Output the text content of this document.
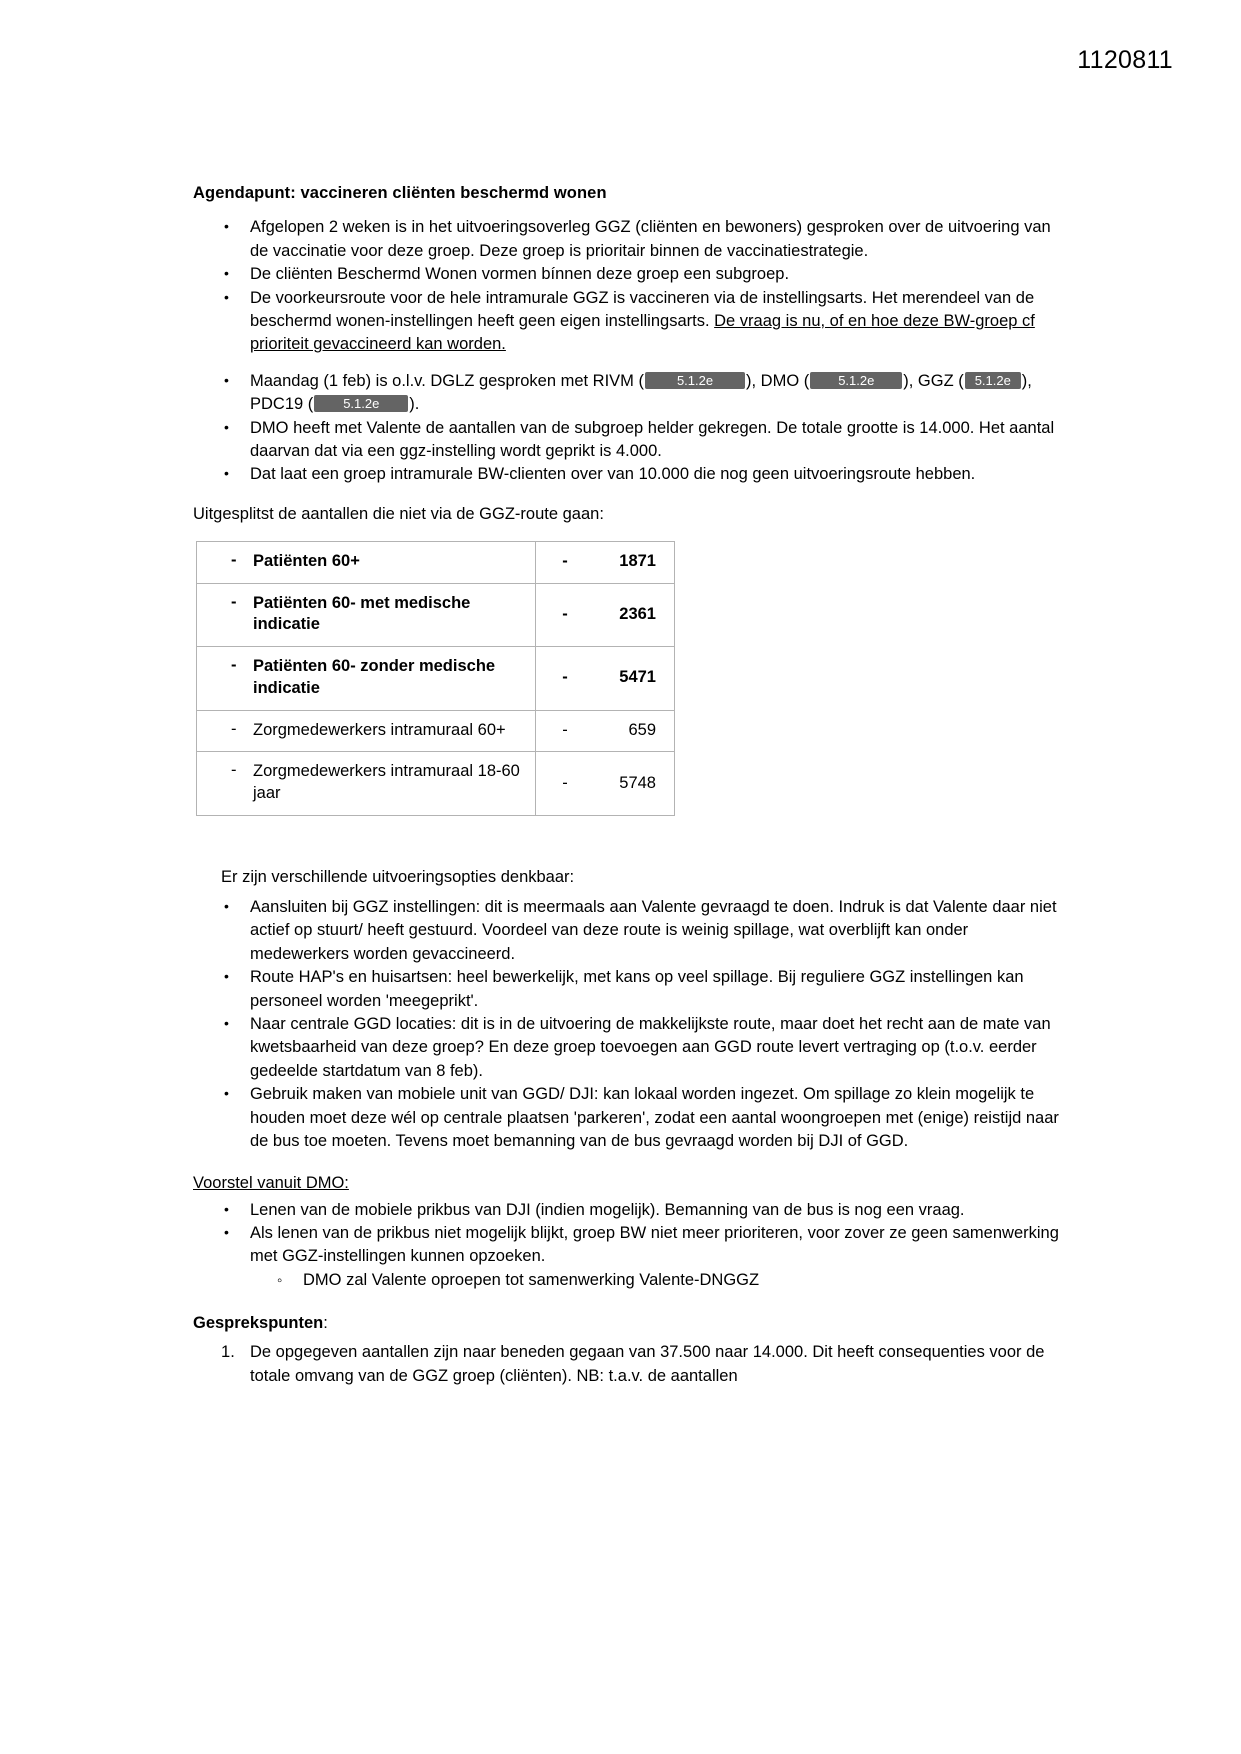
1120811
Agendapunt: vaccineren cliënten beschermd wonen
• Afgelopen 2 weken is in het uitvoeringsoverleg GGZ (cliënten en bewoners) gesproken over de uitvoering van de vaccinatie voor deze groep. Deze groep is prioritair binnen de vaccinatiestrategie.
• De cliënten Beschermd Wonen vormen bínnen deze groep een subgroep.
• De voorkeursroute voor de hele intramurale GGZ is vaccineren via de instellingsarts. Het merendeel van de beschermd wonen-instellingen heeft geen eigen instellingsarts. De vraag is nu, of en hoe deze BW-groep cf prioriteit gevaccineerd kan worden.
• Maandag (1 feb) is o.l.v. DGLZ gesproken met RIVM (	5.1.2e ), DMO ( 5.1.2e ), GGZ ( 5.1.2e ), PDC19 ( 5.1.2e ).
• DMO heeft met Valente de aantallen van de subgroep helder gekregen. De totale grootte is 14.000. Het aantal daarvan dat via een ggz-instelling wordt geprikt is 4.000.
• Dat laat een groep intramurale BW-clienten over van 10.000 die nog geen uitvoeringsroute hebben.

Uitgesplitst de aantallen die niet via de GGZ-route gaan:

- Patiënten 60+	- 1871

- Patiënten 60- met medische indicatie	- 2361

- Patiënten 60- zonder medische indicatie	- 5471

- Zorgmedewerkers intramuraal 60+	- 659

- Zorgmedewerkers intramuraal 18-60 jaar	- 5748

Er zijn verschillende uitvoeringsopties denkbaar:

• Aansluiten bij GGZ instellingen: dit is meermaals aan Valente gevraagd te doen. Indruk is dat Valente daar niet actief op stuurt/ heeft gestuurd. Voordeel van deze route is weinig spillage, wat overblijft kan onder medewerkers worden gevaccineerd.
• Route HAP's en huisartsen: heel bewerkelijk, met kans op veel spillage. Bij reguliere GGZ instellingen kan personeel worden 'meegeprikt'.
• Naar centrale GGD locaties: dit is in de uitvoering de makkelijkste route, maar doet het recht aan de mate van kwetsbaarheid van deze groep? En deze groep toevoegen aan GGD route levert vertraging op (t.o.v. eerder gedeelde startdatum van 8 feb).
• Gebruik maken van mobiele unit van GGD/ DJI: kan lokaal worden ingezet. Om spillage zo klein mogelijk te houden moet deze wél op centrale plaatsen 'parkeren', zodat een aantal woongroepen met (enige) reistijd naar de bus toe moeten. Tevens moet bemanning van de bus gevraagd worden bij DJI of GGD.

Voorstel vanuit DMO:

• Lenen van de mobiele prikbus van DJI (indien mogelijk). Bemanning van de bus is nog een vraag.
• Als lenen van de prikbus niet mogelijk blijkt, groep BW niet meer prioriteren, voor zover ze geen samenwerking met GGZ-instellingen kunnen opzoeken.
◦ DMO zal Valente oproepen tot samenwerking Valente-DNGGZ

Gesprekspunten:

De opgegeven aantallen zijn naar beneden gegaan van 37.500 naar 14.000. Dit heeft consequenties voor de totale omvang van de GGZ groep (cliënten). NB: t.a.v. de aantallen
